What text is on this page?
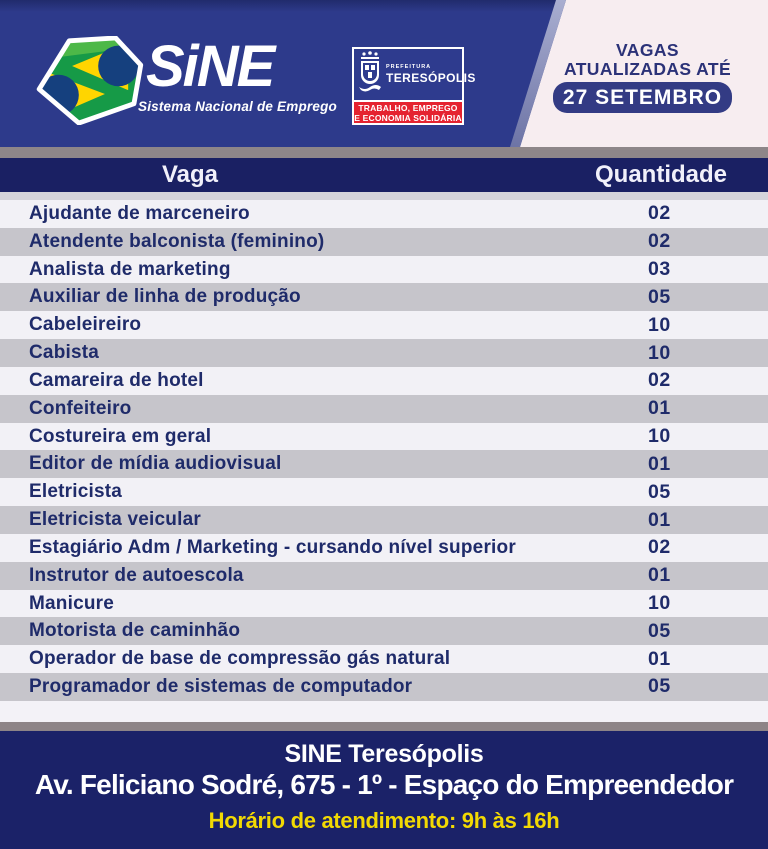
SiNE
Sistema Nacional de Emprego
PREFEITURA
TERESÓPOLIS
TRABALHO, EMPREGO
E ECONOMIA SOLIDÁRIA
VAGAS
ATUALIZADAS ATÉ
27 SETEMBRO
Vaga	Quantidade
Ajudante de marceneiro	02
Atendente balconista (feminino)	02
Analista de marketing	03
Auxiliar de linha de produção	05
Cabeleireiro	10
Cabista	10
Camareira de hotel	02
Confeiteiro	01
Costureira em geral	10
Editor de mídia audiovisual	01
Eletricista	05
Eletricista veicular	01
Estagiário Adm / Marketing - cursando nível superior	02
Instrutor de autoescola	01
Manicure	10
Motorista de caminhão	05
Operador de base de compressão gás natural	01
Programador de sistemas de computador	05
SINE Teresópolis
Av. Feliciano Sodré, 675 - 1º - Espaço do Empreendedor
Horário de atendimento: 9h às 16h
